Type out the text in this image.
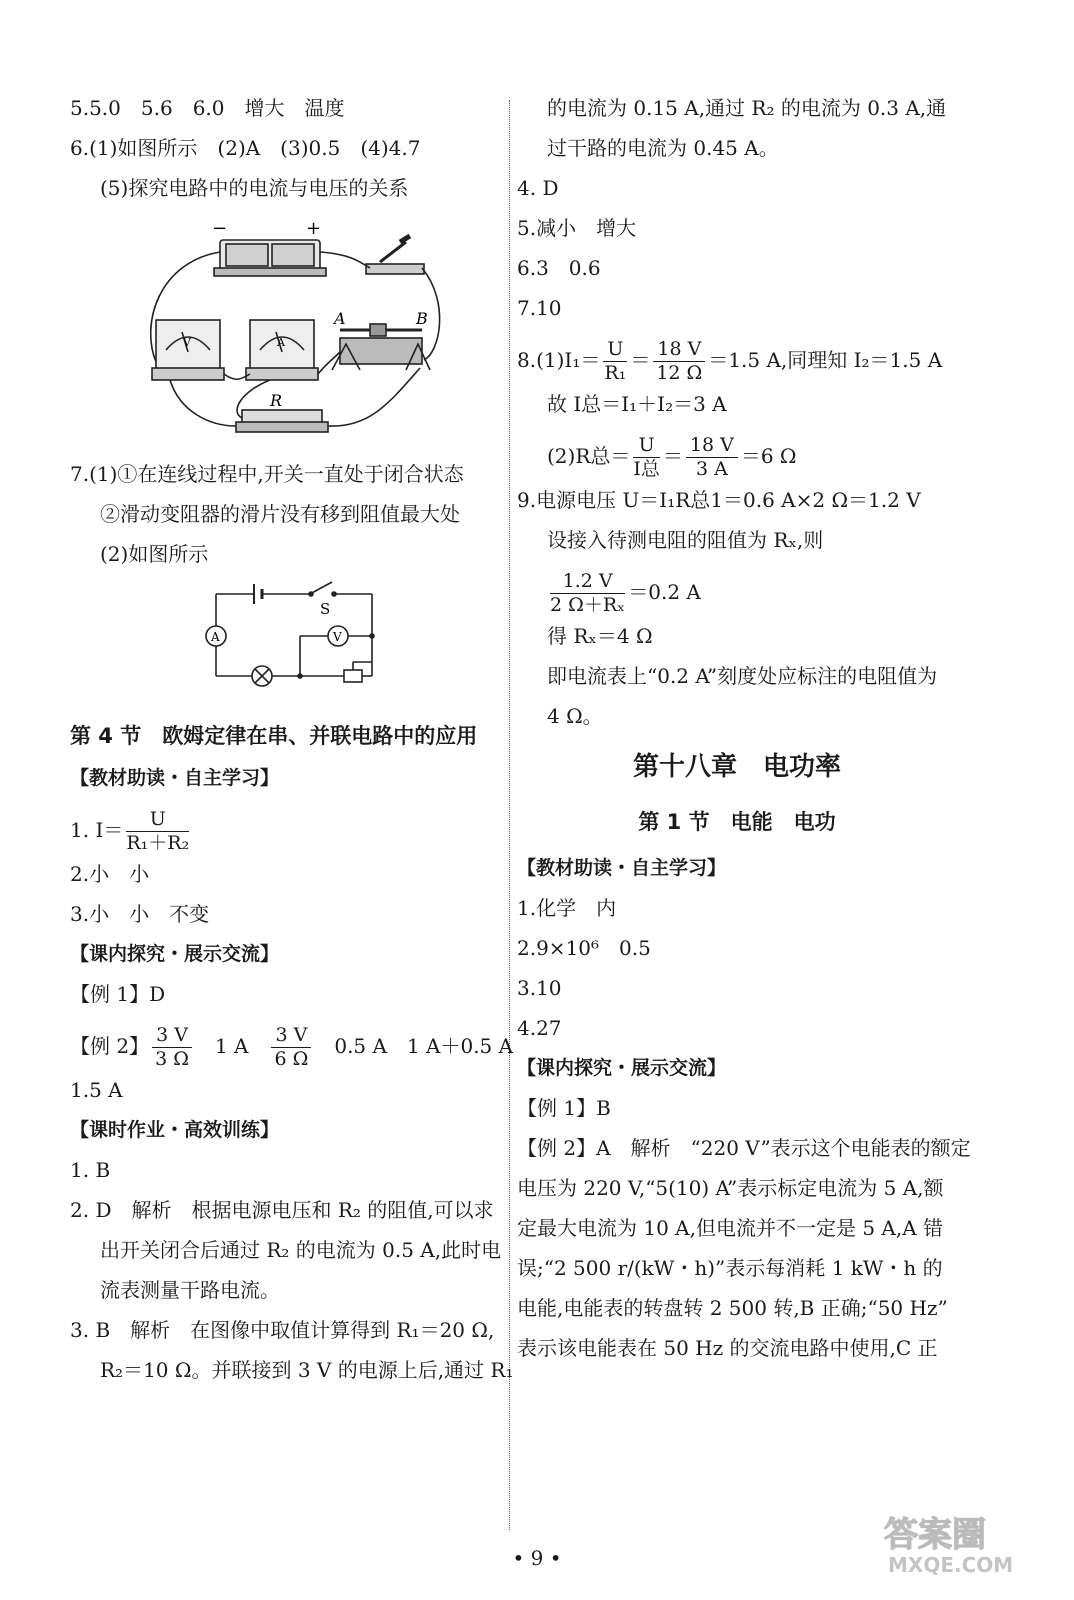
5.5.0　5.6　6.0　增大　温度
6.(1)如图所示　(2)A　(3)0.5　(4)4.7
(5)探究电路中的电流与电压的关系
−	+
A	B
R
V	A
7.(1)①在连线过程中,开关一直处于闭合状态
②滑动变阻器的滑片没有移到阻值最大处
(2)如图所示
S
A	V
第 4 节　欧姆定律在串、并联电路中的应用
【教材助读・自主学习】
1. $I= \frac{U}{\text{R₁＋R₂}}$
2.小　小
3.小　小　不变
【课内探究・展示交流】
【例 1】D
【例 2】 $\frac{3 V}{3 \Omega}$ 　1 A　 $\frac{3 V}{6 \Omega}$ 　0.5 A　1 A＋0.5 A
1.5 A
【课时作业・高效训练】
1. B
2. D　解析　根据电源电压和 R₂ 的阻值,可以求
出开关闭合后通过 R₂ 的电流为 0.5 A,此时电
流表测量干路电流。
3. B　解析　在图像中取值计算得到 R₁＝20 Ω,
R₂＝10 Ω。并联接到 3 V 的电源上后,通过 R₁
的电流为 0.15 A,通过 R₂ 的电流为 0.3 A,通
过干路的电流为 0.45 A。
4. D
5.减小　增大
6.3　0.6
7.10
$8.(1)I_1= \frac{U}{\text{R₁}} = \frac{18 V}{12 \Omega} =1.5$ A,同理知 I₂＝1.5 A
故 I总＝I₁＋I₂＝3 A
(2)R总＝ $\frac{U}{\text{I总}} = \frac{18 V}{3 A} =6$ Ω
9.电源电压 U＝I₁R总1＝0.6 A×2 Ω＝1.2 V
设接入待测电阻的阻值为 Rₓ,则
$\frac{1.2 V}{\text{2 Ω＋Rₓ}} =0.2$ A
得 Rₓ＝4 Ω
即电流表上“0.2 A”刻度处应标注的电阻值为
4 Ω。
第十八章　电功率
第 1 节　电能　电功
【教材助读・自主学习】
1.化学　内
2.9×10⁶　0.5
3.10
4.27
【课内探究・展示交流】
【例 1】B
【例 2】A　解析　“220 V”表示这个电能表的额定
电压为 220 V,“5(10) A”表示标定电流为 5 A,额
定最大电流为 10 A,但电流并不一定是 5 A,A 错
误;“2 500 r/(kW・h)”表示每消耗 1 kW・h 的
电能,电能表的转盘转 2 500 转,B 正确;“50 Hz”
表示该电能表在 50 Hz 的交流电路中使用,C 正
• 9 •
答案圈
MXQE.COM
